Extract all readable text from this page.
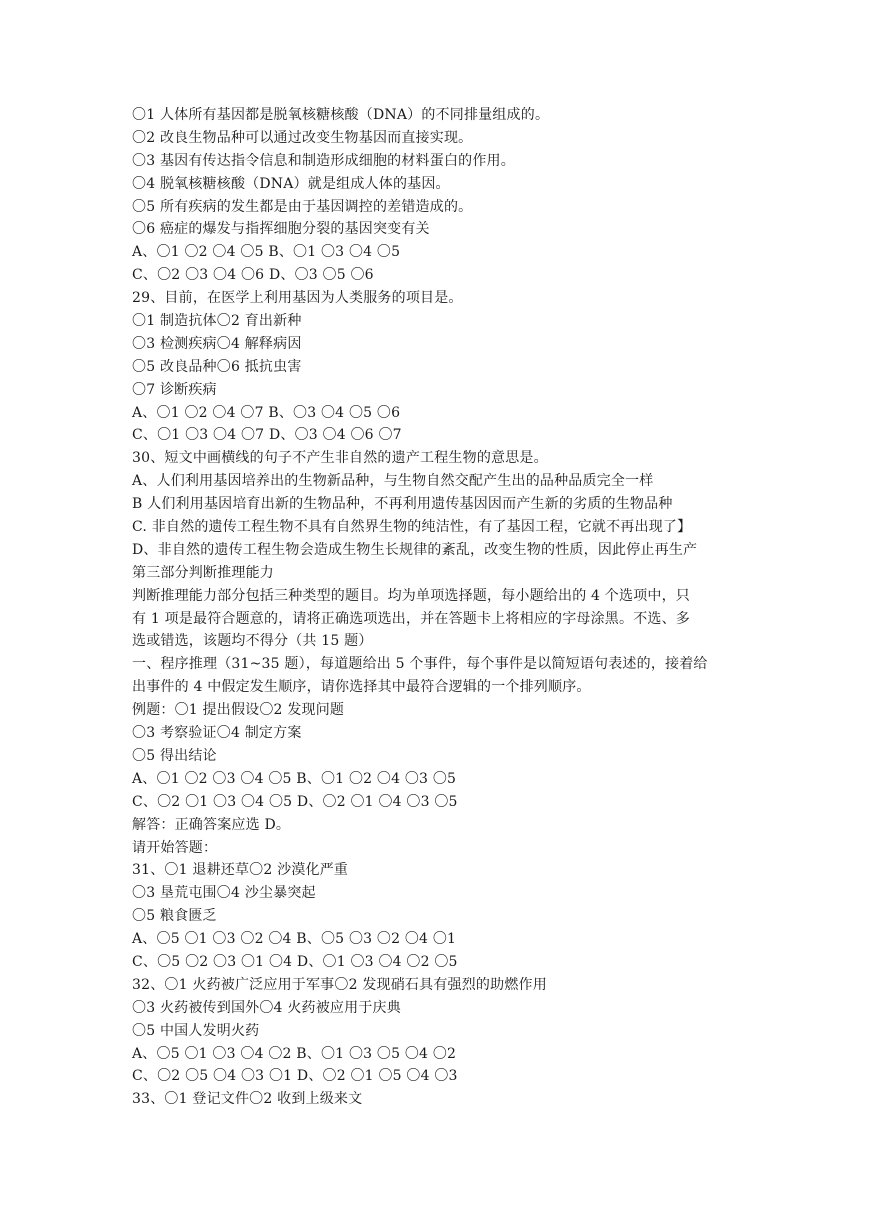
〇1 人体所有基因都是脱氧核糖核酸（DNA）的不同排量组成的。
〇2 改良生物品种可以通过改变生物基因而直接实现。
〇3 基因有传达指令信息和制造形成细胞的材料蛋白的作用。
〇4 脱氧核糖核酸（DNA）就是组成人体的基因。
〇5 所有疾病的发生都是由于基因调控的差错造成的。
〇6 癌症的爆发与指挥细胞分裂的基因突变有关
A、〇1 〇2 〇4 〇5 B、〇1 〇3 〇4 〇5
C、〇2 〇3 〇4 〇6 D、〇3 〇5 〇6
29、目前，在医学上利用基因为人类服务的项目是。
〇1 制造抗体〇2 育出新种
〇3 检测疾病〇4 解释病因
〇5 改良品种〇6 抵抗虫害
〇7 诊断疾病
A、〇1 〇2 〇4 〇7 B、〇3 〇4 〇5 〇6
C、〇1 〇3 〇4 〇7 D、〇3 〇4 〇6 〇7
30、短文中画横线的句子不产生非自然的遗产工程生物的意思是。
A、人们利用基因培养出的生物新品种，与生物自然交配产生出的品种品质完全一样
B 人们利用基因培育出新的生物品种，不再利用遗传基因因而产生新的劣质的生物品种
C. 非自然的遗传工程生物不具有自然界生物的纯洁性，有了基因工程，它就不再出现了】
D、非自然的遗传工程生物会造成生物生长规律的紊乱，改变生物的性质，因此停止再生产
第三部分判断推理能力
判断推理能力部分包括三种类型的题目。均为单项选择题，每小题给出的 4 个选项中，只
有 1 项是最符合题意的，请将正确选项选出，并在答题卡上将相应的字母涂黑。不选、多
选或错选，该题均不得分（共 15 题）
一、程序推理（31~35 题），每道题给出 5 个事件，每个事件是以简短语句表述的，接着给
出事件的 4 中假定发生顺序，请你选择其中最符合逻辑的一个排列顺序。
例题：〇1 提出假设〇2 发现问题
〇3 考察验证〇4 制定方案
〇5 得出结论
A、〇1 〇2 〇3 〇4 〇5 B、〇1 〇2 〇4 〇3 〇5
C、〇2 〇1 〇3 〇4 〇5 D、〇2 〇1 〇4 〇3 〇5
解答：正确答案应选 D。
请开始答题：
31、〇1 退耕还草〇2 沙漠化严重
〇3 垦荒屯围〇4 沙尘暴突起
〇5 粮食匮乏
A、〇5 〇1 〇3 〇2 〇4 B、〇5 〇3 〇2 〇4 〇1
C、〇5 〇2 〇3 〇1 〇4 D、〇1 〇3 〇4 〇2 〇5
32、〇1 火药被广泛应用于军事〇2 发现硝石具有强烈的助燃作用
〇3 火药被传到国外〇4 火药被应用于庆典
〇5 中国人发明火药
A、〇5 〇1 〇3 〇4 〇2 B、〇1 〇3 〇5 〇4 〇2
C、〇2 〇5 〇4 〇3 〇1 D、〇2 〇1 〇5 〇4 〇3
33、〇1 登记文件〇2 收到上级来文
